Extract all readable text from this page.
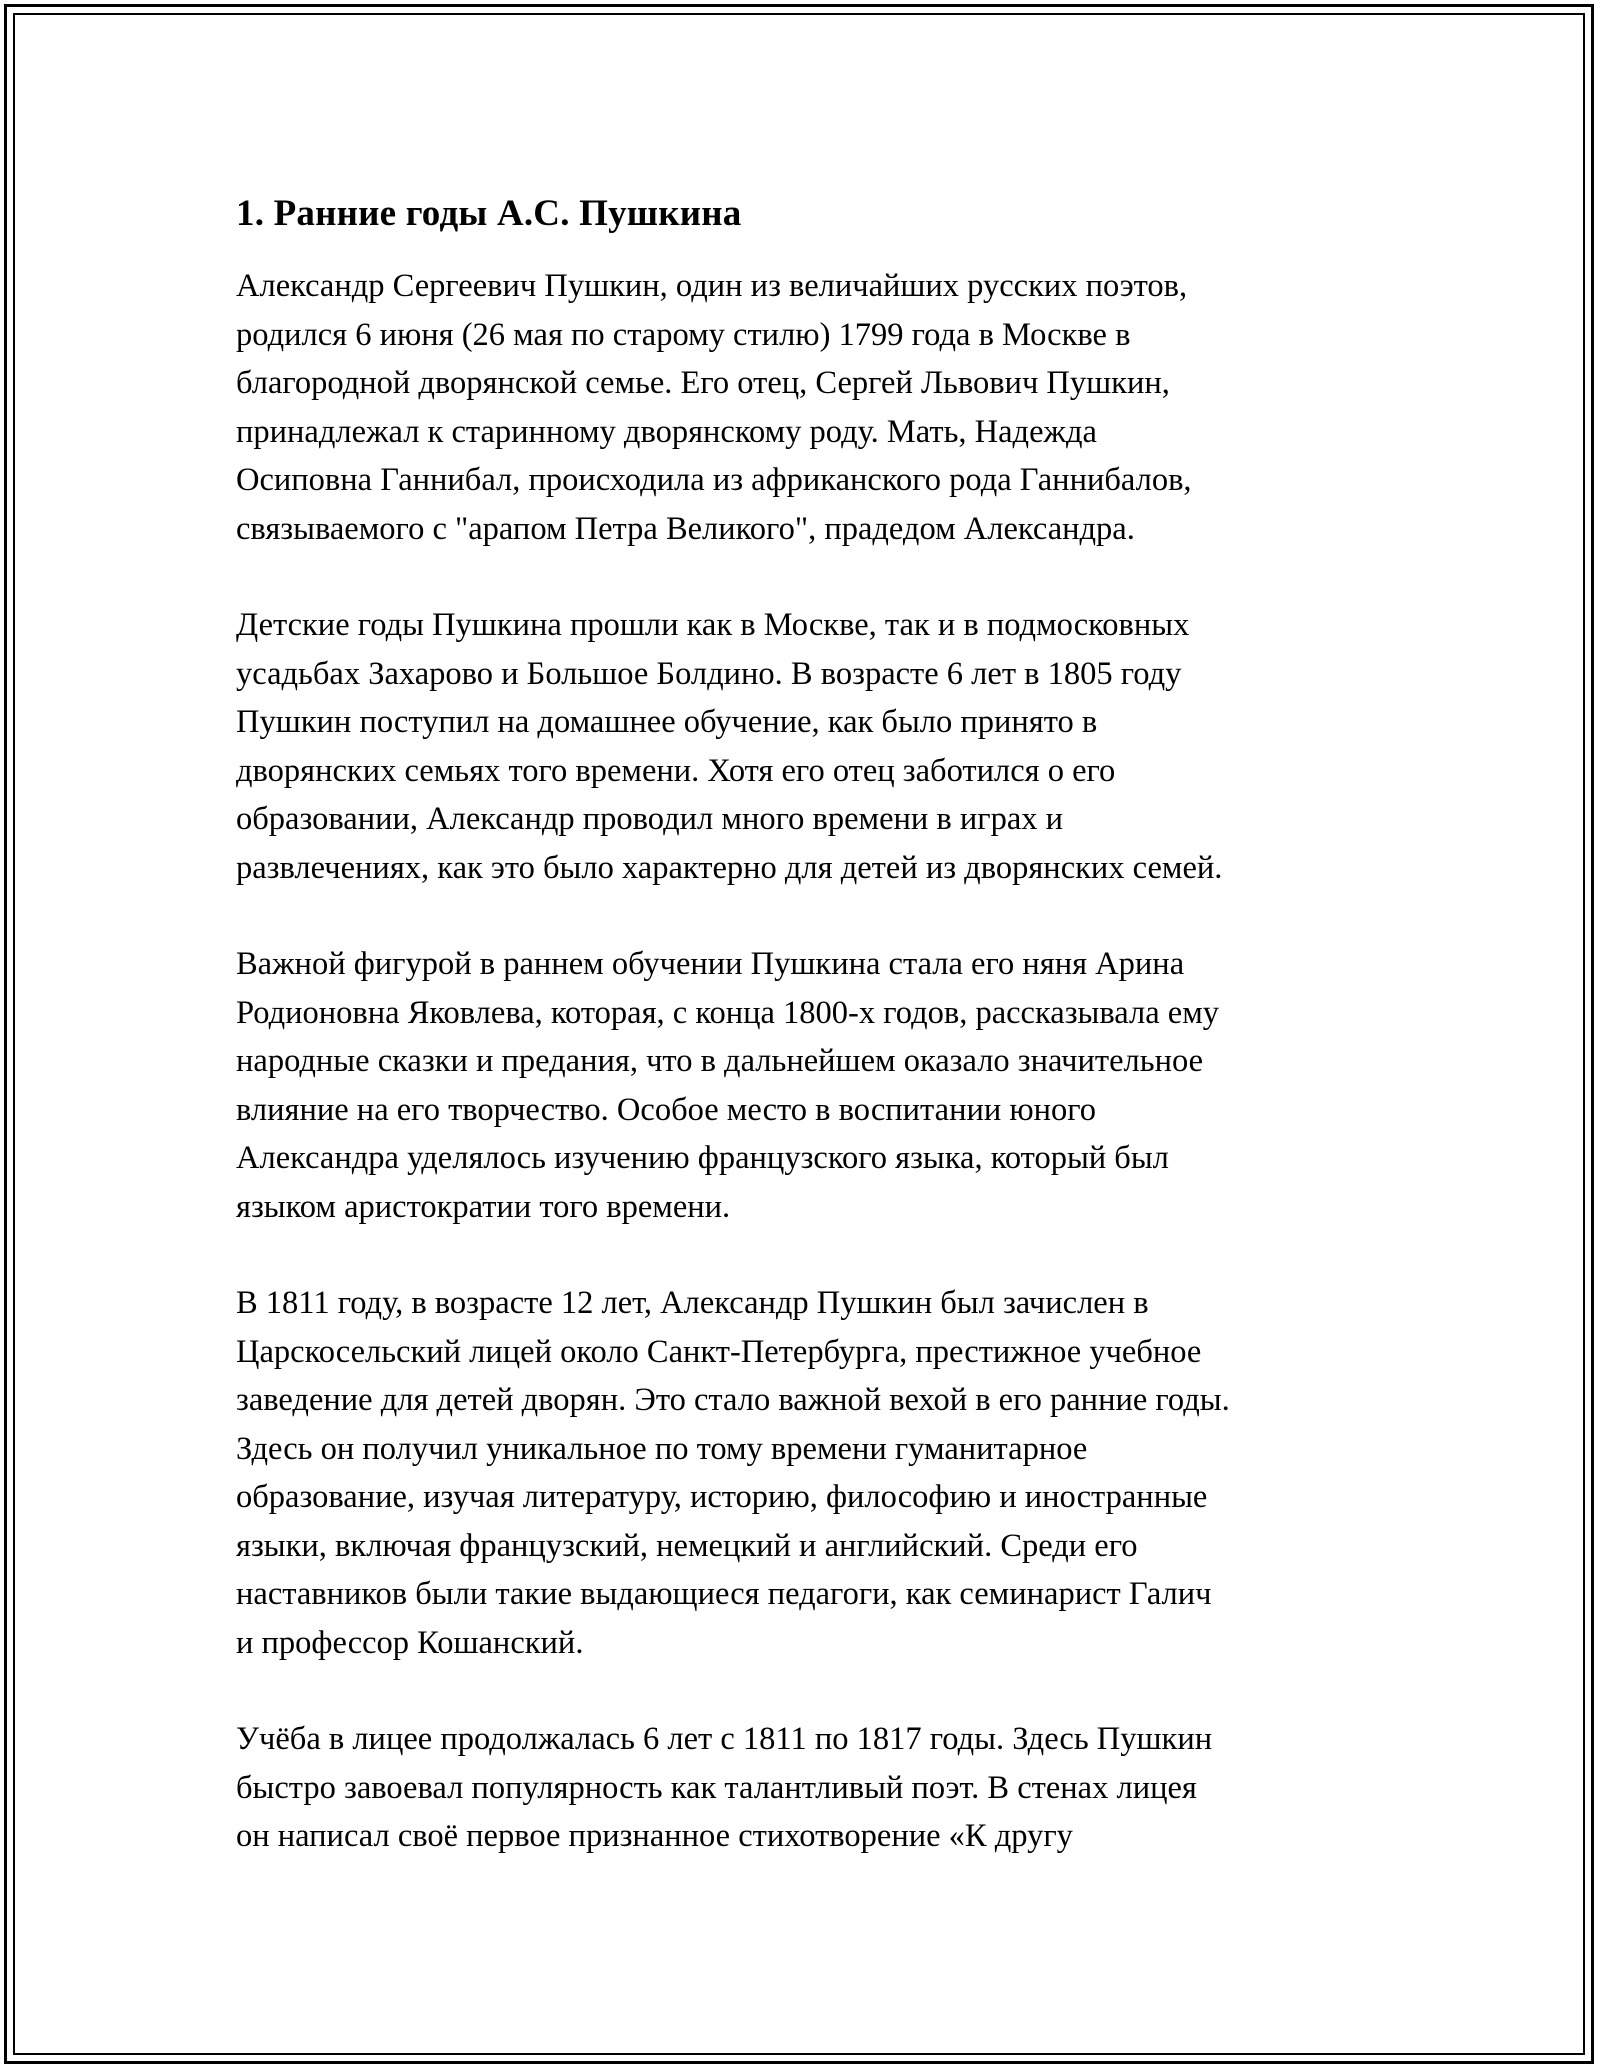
1. Ранние годы А.С. Пушкина

Александр Сергеевич Пушкин, один из величайших русских поэтов,
родился 6 июня (26 мая по старому стилю) 1799 года в Москве в
благородной дворянской семье. Его отец, Сергей Львович Пушкин,
принадлежал к старинному дворянскому роду. Мать, Надежда
Осиповна Ганнибал, происходила из африканского рода Ганнибалов,
связываемого с "арапом Петра Великого", прадедом Александра.

Детские годы Пушкина прошли как в Москве, так и в подмосковных
усадьбах Захарово и Большое Болдино. В возрасте 6 лет в 1805 году
Пушкин поступил на домашнее обучение, как было принято в
дворянских семьях того времени. Хотя его отец заботился о его
образовании, Александр проводил много времени в играх и
развлечениях, как это было характерно для детей из дворянских семей.

Важной фигурой в раннем обучении Пушкина стала его няня Арина
Родионовна Яковлева, которая, с конца 1800-х годов, рассказывала ему
народные сказки и предания, что в дальнейшем оказало значительное
влияние на его творчество. Особое место в воспитании юного
Александра уделялось изучению французского языка, который был
языком аристократии того времени.

В 1811 году, в возрасте 12 лет, Александр Пушкин был зачислен в
Царскосельский лицей около Санкт-Петербурга, престижное учебное
заведение для детей дворян. Это стало важной вехой в его ранние годы.
Здесь он получил уникальное по тому времени гуманитарное
образование, изучая литературу, историю, философию и иностранные
языки, включая французский, немецкий и английский. Среди его
наставников были такие выдающиеся педагоги, как семинарист Галич
и профессор Кошанский.

Учёба в лицее продолжалась 6 лет с 1811 по 1817 годы. Здесь Пушкин
быстро завоевал популярность как талантливый поэт. В стенах лицея
он написал своё первое признанное стихотворение «К другу
